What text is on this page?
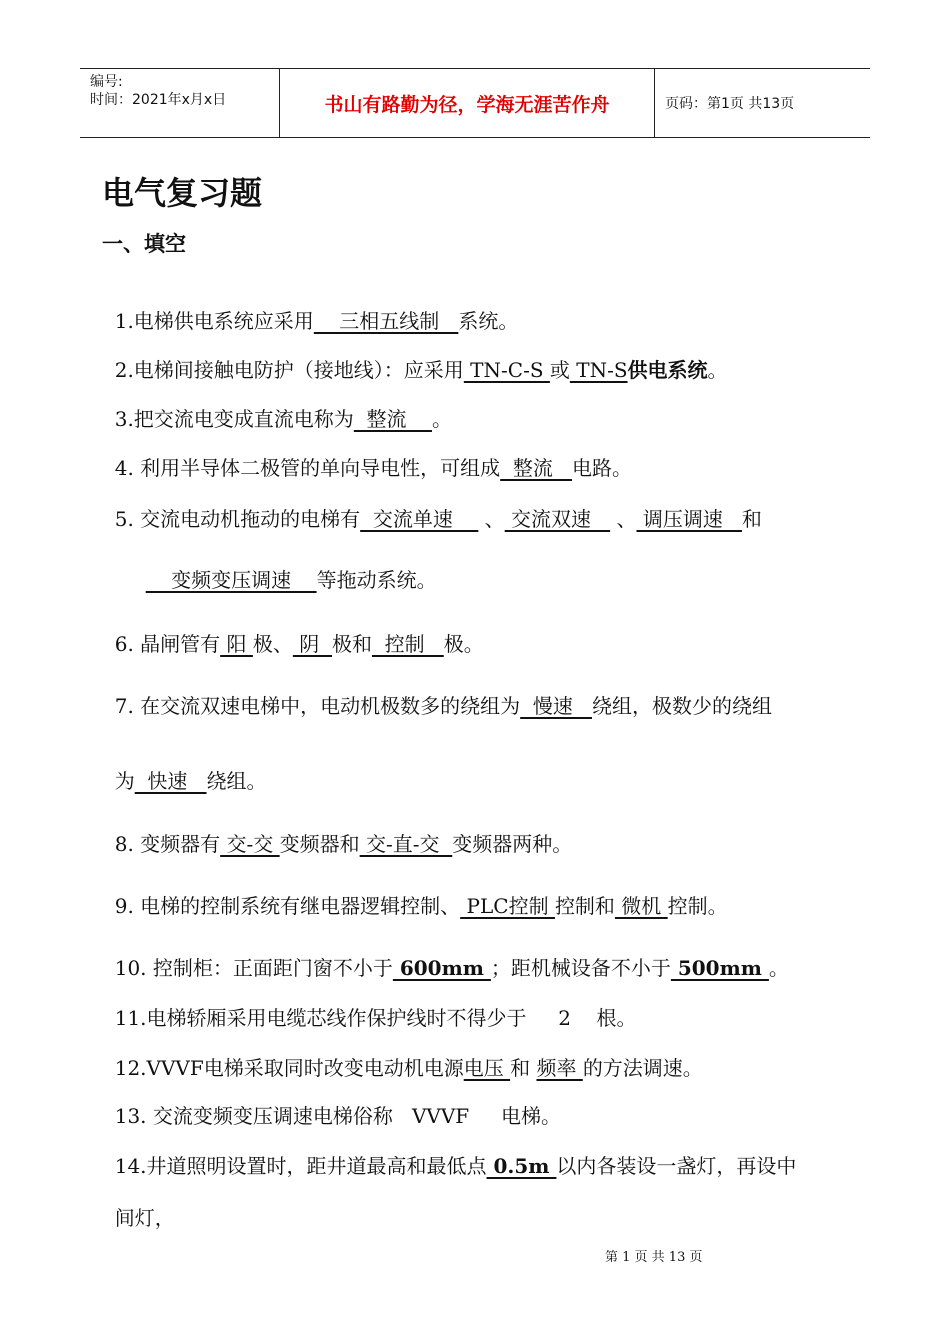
编号:
时间：2021年x月x日	书山有路勤为径，学海无涯苦作舟	页码：第1页 共13页
电气复习题
一、填空

1.电梯供电系统应采用    三相五线制   系统。

2.电梯间接触电防护（接地线）：应采用 TN-C-S 或 TN-S供电系统。

3.把交流电变成直流电称为  整流    。

4. 利用半导体二极管的单向导电性，可组成  整流   电路。

5. 交流电动机拖动的电梯有  交流单速     、 交流双速    、 调压调速   和

变频变压调速    等拖动系统。

6. 晶闸管有 阳 极、 阴  极和  控制   极。

7. 在交流双速电梯中，电动机极数多的绕组为  慢速   绕组，极数少的绕组

为  快速   绕组。

8. 变频器有 交-交 变频器和 交-直-交  变频器两种。

9. 电梯的控制系统有继电器逻辑控制、 PLC控制 控制和 微机 控制。

10. 控制柜：正面距门窗不小于 600mm ；距机械设备不小于 500mm 。

11.电梯轿厢采用电缆芯线作保护线时不得少于     2    根。

12.VVVF电梯采取同时改变电动机电源电压 和 频率 的方法调速。

13. 交流变频变压调速电梯俗称   VVVF     电梯。

14.井道照明设置时，距井道最高和最低点 0.5m 以内各装设一盏灯，再设中

间灯，

第 1 页 共 13 页
